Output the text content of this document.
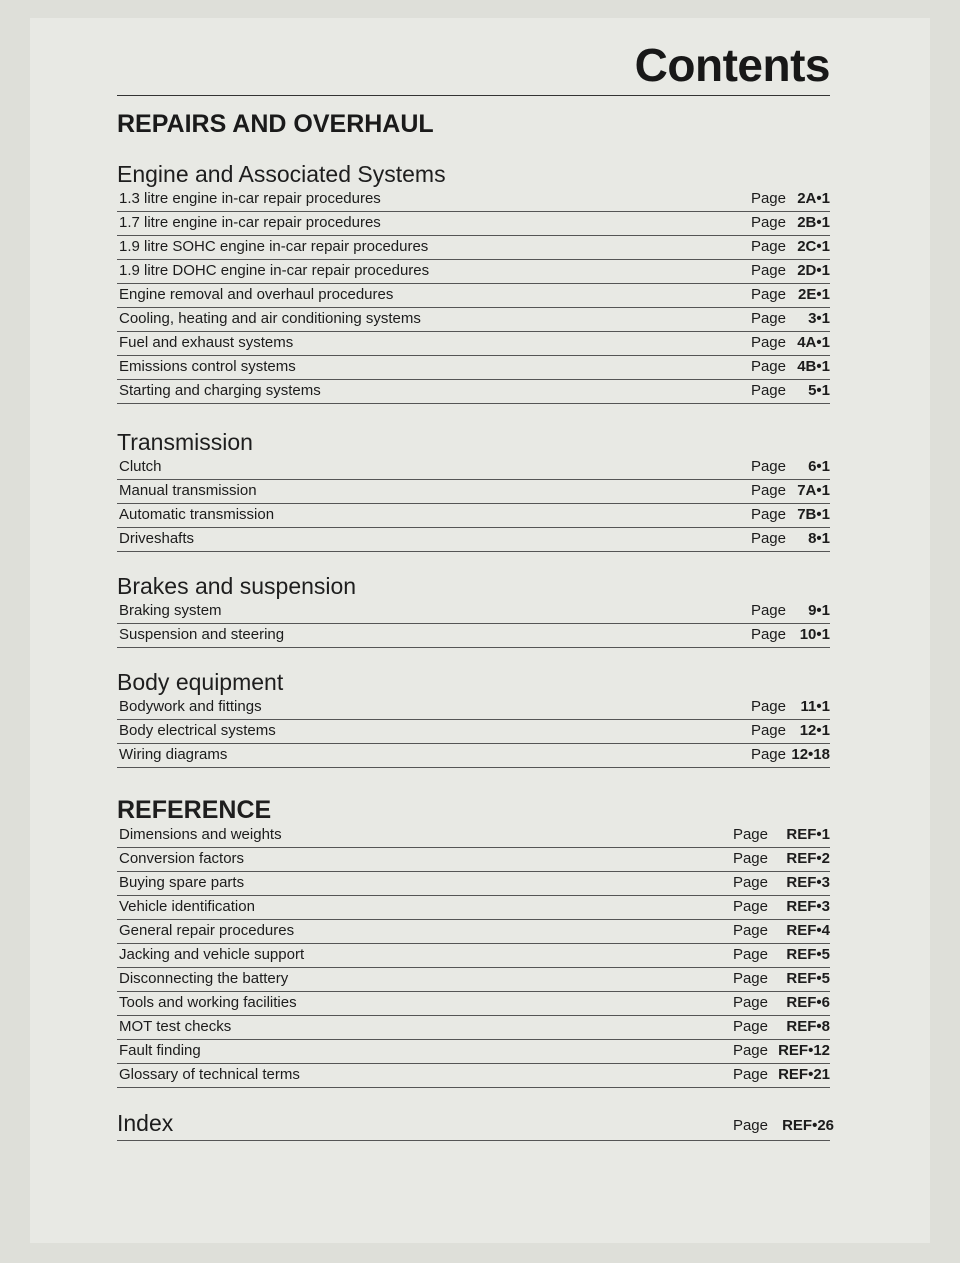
Contents
REPAIRS AND OVERHAUL
Engine and Associated Systems
1.3 litre engine in-car repair procedures	Page 2A•1
1.7 litre engine in-car repair procedures	Page 2B•1
1.9 litre SOHC engine in-car repair procedures	Page 2C•1
1.9 litre DOHC engine in-car repair procedures	Page 2D•1
Engine removal and overhaul procedures	Page 2E•1
Cooling, heating and air conditioning systems	Page 3•1
Fuel and exhaust systems	Page 4A•1
Emissions control systems	Page 4B•1
Starting and charging systems	Page 5•1
Transmission
Clutch	Page 6•1
Manual transmission	Page 7A•1
Automatic transmission	Page 7B•1
Driveshafts	Page 8•1
Brakes and suspension
Braking system	Page 9•1
Suspension and steering	Page 10•1
Body equipment
Bodywork and fittings	Page 11•1
Body electrical systems	Page 12•1
Wiring diagrams	Page 12•18
REFERENCE
Dimensions and weights	Page REF•1
Conversion factors	Page REF•2
Buying spare parts	Page REF•3
Vehicle identification	Page REF•3
General repair procedures	Page REF•4
Jacking and vehicle support	Page REF•5
Disconnecting the battery	Page REF•5
Tools and working facilities	Page REF•6
MOT test checks	Page REF•8
Fault finding	Page REF•12
Glossary of technical terms	Page REF•21
Index	Page REF•26
